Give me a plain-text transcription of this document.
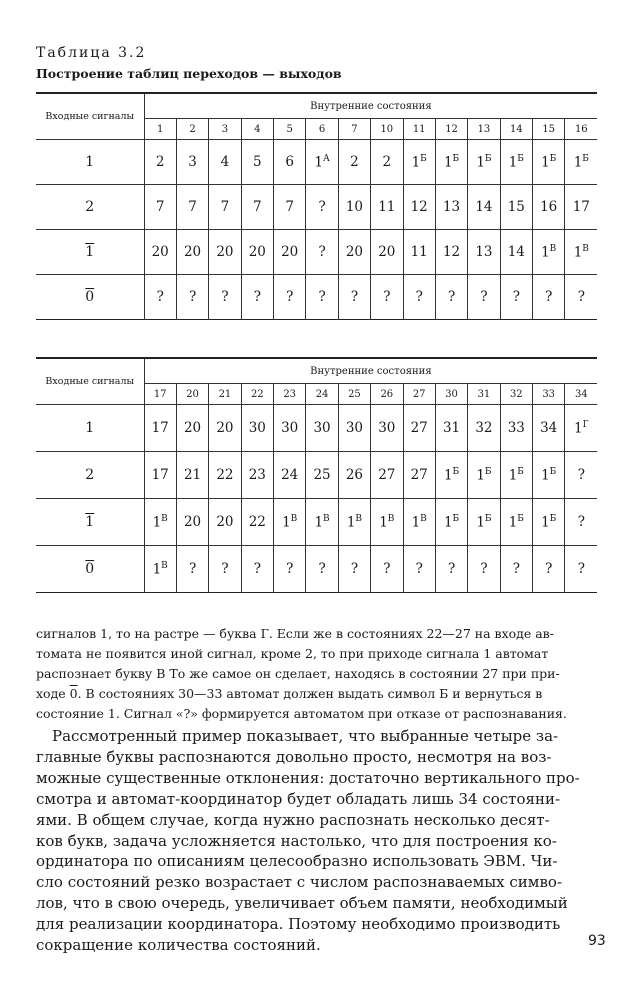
Таблица 3.2
Построение таблиц переходов — выходов
Входные сигналы	Внутренние состояния													
	1	2	3	4	5	6	7	10	11	12	13	14	15	16
1	2	3	4	5	6	$1^А$	2	2	$1^Б$	$1^Б$	$1^Б$	$1^Б$	$1^Б$	$1^Б$
2	7	7	7	7	7	?	10	11	12	13	14	15	16	17
1	20	20	20	20	20	?	20	20	11	12	13	14	$1^В$	$1^В$
0	?	?	?	?	?	?	?	?	?	?	?	?	?	?
Входные сигналы	Внутренние состояния													
	17	20	21	22	23	24	25	26	27	30	31	32	33	34
1	17	20	20	30	30	30	30	30	27	31	32	33	34	$1^Г$
2	17	21	22	23	24	25	26	27	27	$1^Б$	$1^Б$	$1^Б$	$1^Б$	?
1	$1^В$	20	20	22	$1^В$	$1^В$	$1^В$	$1^В$	$1^В$	$1^Б$	$1^Б$	$1^Б$	$1^Б$	?
0	$1^В$	?	?	?	?	?	?	?	?	?	?	?	?	?
сигналов 1, то на растре — буква Г. Если же в состояниях 22—27 на входе ав-
томата не появится иной сигнал, кроме 2, то при приходе сигнала 1 автомат
распознает букву В То же самое он сделает, находясь в состоянии 27 при при-
ходе 0. В состояниях 30—33 автомат должен выдать символ Б и вернуться в
состояние 1. Сигнал «?» формируется автоматом при отказе от распознавания.
Рассмотренный пример показывает, что выбранные четыре за-
главные буквы распознаются довольно просто, несмотря на воз-
можные существенные отклонения: достаточно вертикального про-
смотра и автомат-координатор будет обладать лишь 34 состояни-
ями. В общем случае, когда нужно распознать несколько десят-
ков букв, задача усложняется настолько, что для построения ко-
ординатора по описаниям целесообразно использовать ЭВМ. Чи-
сло состояний резко возрастает с числом распознаваемых симво-
лов, что в свою очередь, увеличивает объем памяти, необходимый
для реализации координатора. Поэтому необходимо производить
сокращение количества состояний.	93
